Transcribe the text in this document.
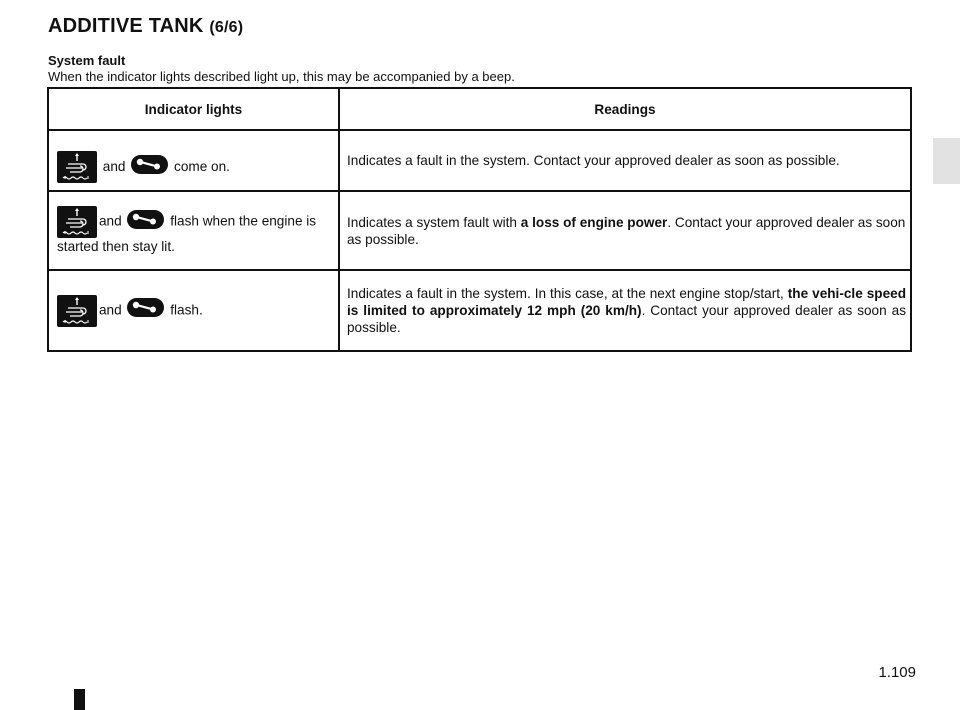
ADDITIVE TANK (6/6)
System fault
When the indicator lights described light up, this may be accompanied by a beep.
Indicator lights	Readings

and come on.	Indicates a fault in the system. Contact your approved dealer as soon as possible.

and flash when the engine is started then stay lit.	Indicates a system fault with a loss of engine power. Contact your approved dealer as soon as possible.

and flash.	Indicates a fault in the system. In this case, at the next engine stop/start, the vehi-cle speed is limited to approximately 12 mph (20 km/h). Contact your approved dealer as soon as possible.
1.109
